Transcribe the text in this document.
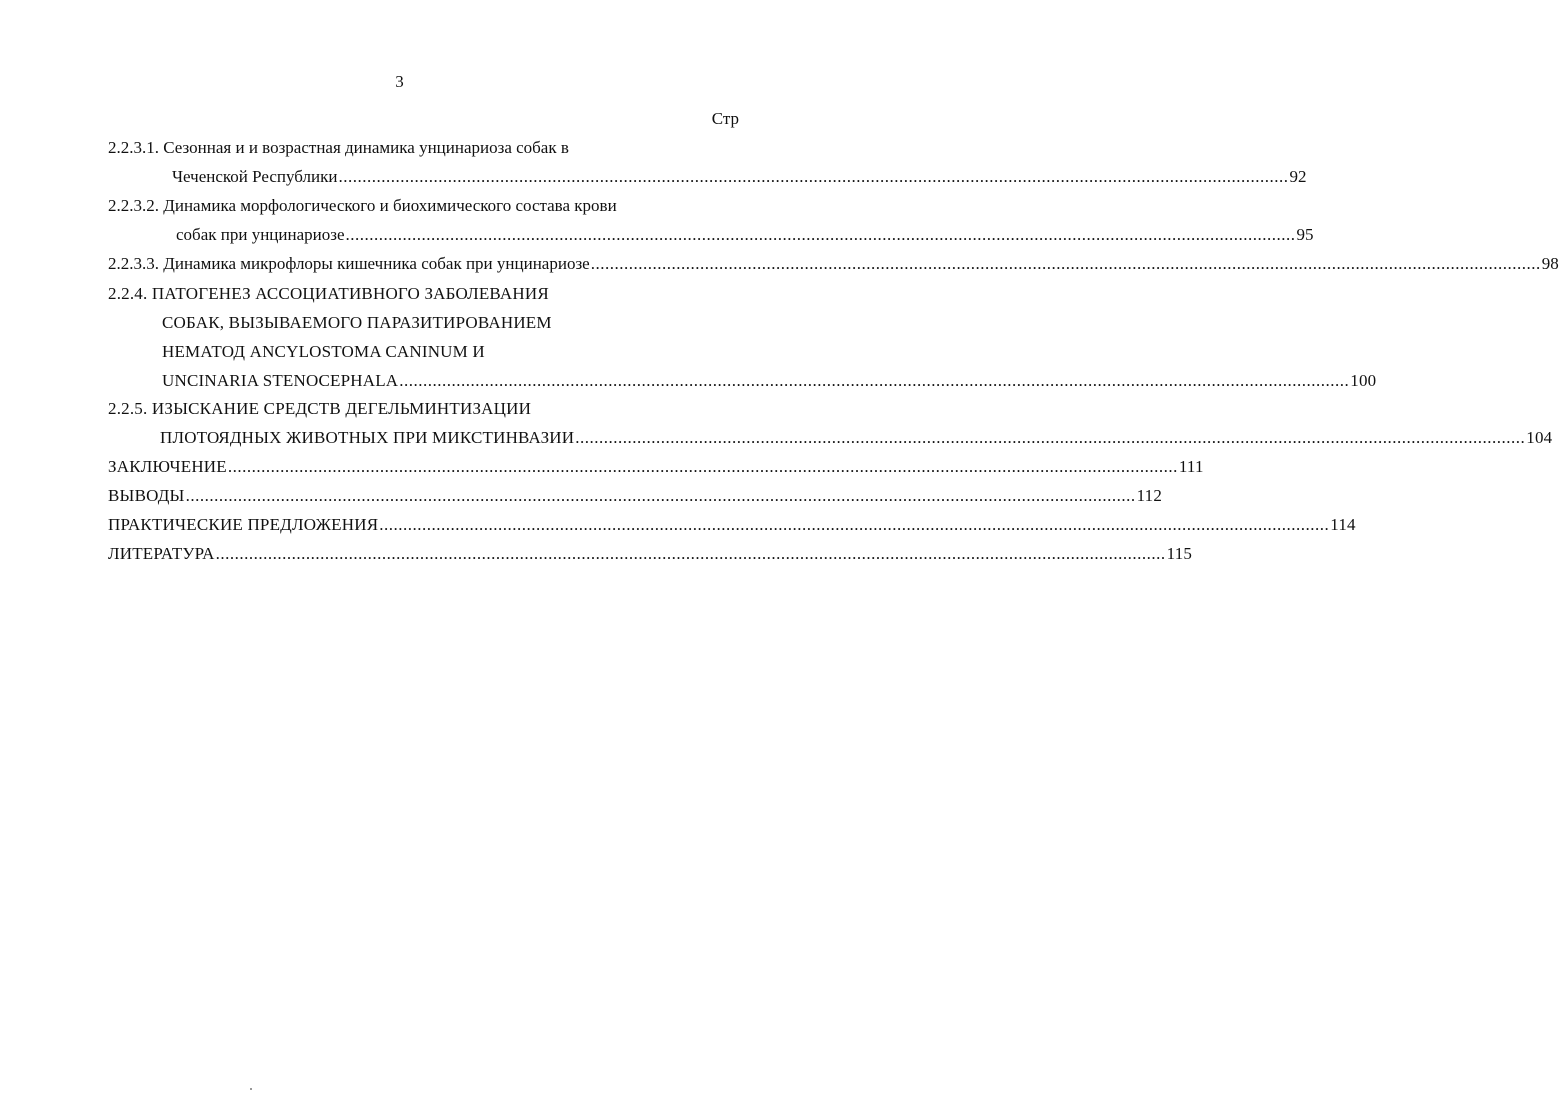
3
Стр
2.2.3.1. Сезонная и и возрастная динамика унцинариоза собак в
Чеченской Республики ........................................................................................................................................................................................................ 92
2.2.3.2. Динамика морфологического и биохимического состава крови
собак при унцинариозе ........................................................................................................................................................................................................ 95
2.2.3.3. Динамика микрофлоры кишечника собак при унцинариозе ........................................................................................................................................................................................................ 98
2.2.4. ПАТОГЕНЕЗ АССОЦИАТИВНОГО ЗАБОЛЕВАНИЯ
СОБАК, ВЫЗЫВАЕМОГО ПАРАЗИТИРОВАНИЕМ
НЕМАТОД ANCYLOSTOMA CANINUM И
UNCINARIA STENOCEPHALA ........................................................................................................................................................................................................ 100
2.2.5. ИЗЫСКАНИЕ СРЕДСТВ ДЕГЕЛЬМИНТИЗАЦИИ
ПЛОТОЯДНЫХ ЖИВОТНЫХ ПРИ МИКСТИНВАЗИИ ........................................................................................................................................................................................................ 104
ЗАКЛЮЧЕНИЕ ........................................................................................................................................................................................................ 111
ВЫВОДЫ ........................................................................................................................................................................................................ 112
ПРАКТИЧЕСКИЕ ПРЕДЛОЖЕНИЯ ........................................................................................................................................................................................................ 114
ЛИТЕРАТУРА ........................................................................................................................................................................................................ 115
